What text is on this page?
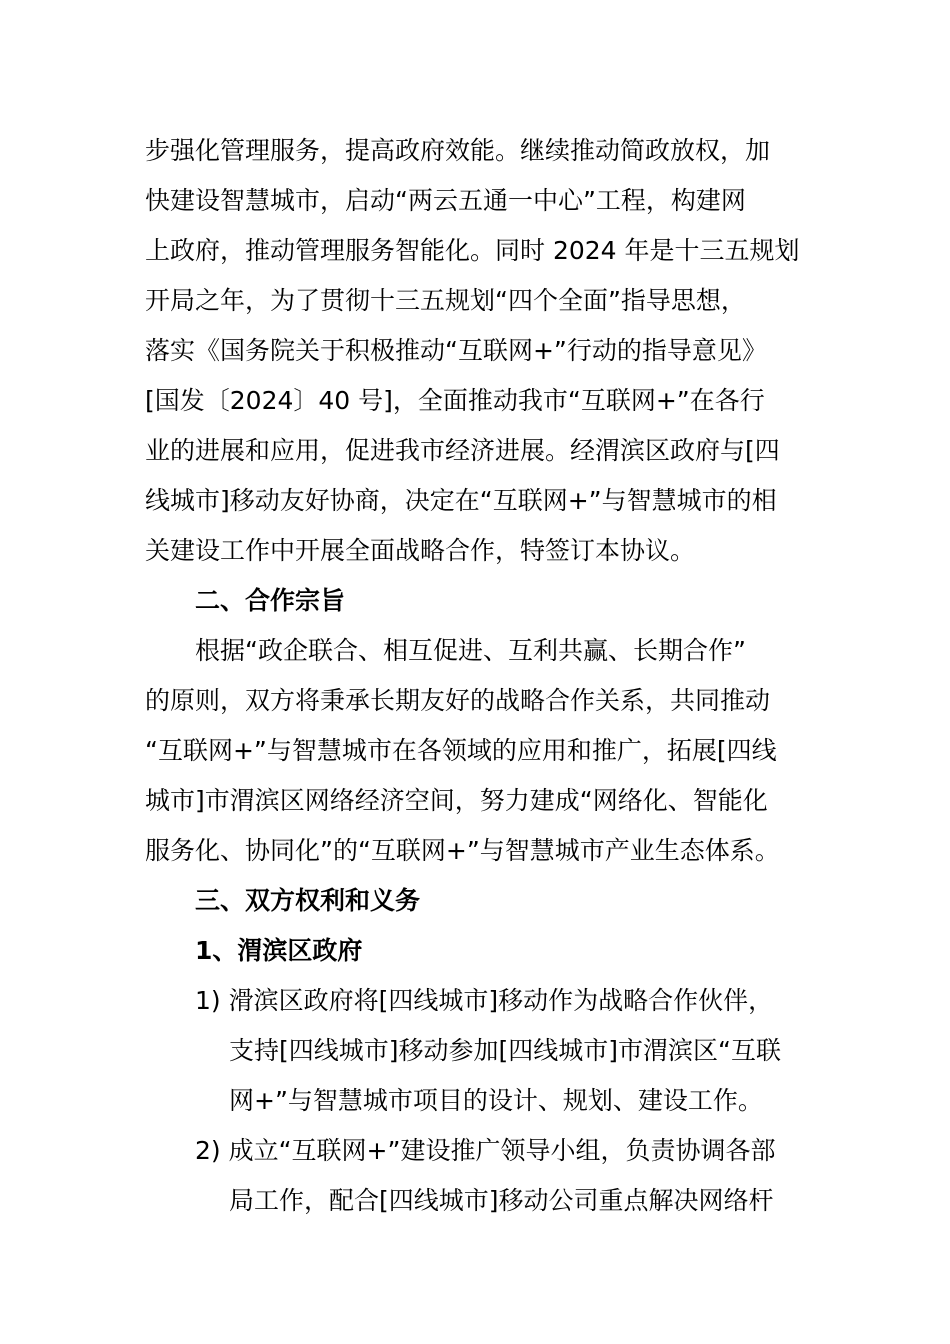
步强化管理服务，提高政府效能。继续推动简政放权，加
快建设智慧城市，启动“两云五通一中心”工程，构建网
上政府，推动管理服务智能化。同时 2024 年是十三五规划
开局之年，为了贯彻十三五规划“四个全面”指导思想，
落实《国务院关于积极推动“互联网+”行动的指导意见》
[国发〔2024〕40 号]，全面推动我市“互联网+”在各行
业的进展和应用，促进我市经济进展。经渭滨区政府与[四
线城市]移动友好协商，决定在“互联网+”与智慧城市的相
关建设工作中开展全面战略合作，特签订本协议。
二、合作宗旨
根据“政企联合、相互促进、互利共赢、长期合作”
的原则，双方将秉承长期友好的战略合作关系，共同推动
“互联网+”与智慧城市在各领域的应用和推广，拓展[四线
城市]市渭滨区网络经济空间，努力建成“网络化、智能化
服务化、协同化”的“互联网+”与智慧城市产业生态体系。
三、双方权利和义务
1、渭滨区政府
1) 滑滨区政府将[四线城市]移动作为战略合作伙伴，
支持[四线城市]移动参加[四线城市]市渭滨区“互联
网+”与智慧城市项目的设计、规划、建设工作。
2) 成立“互联网+”建设推广领导小组，负责协调各部
局工作，配合[四线城市]移动公司重点解决网络杆
